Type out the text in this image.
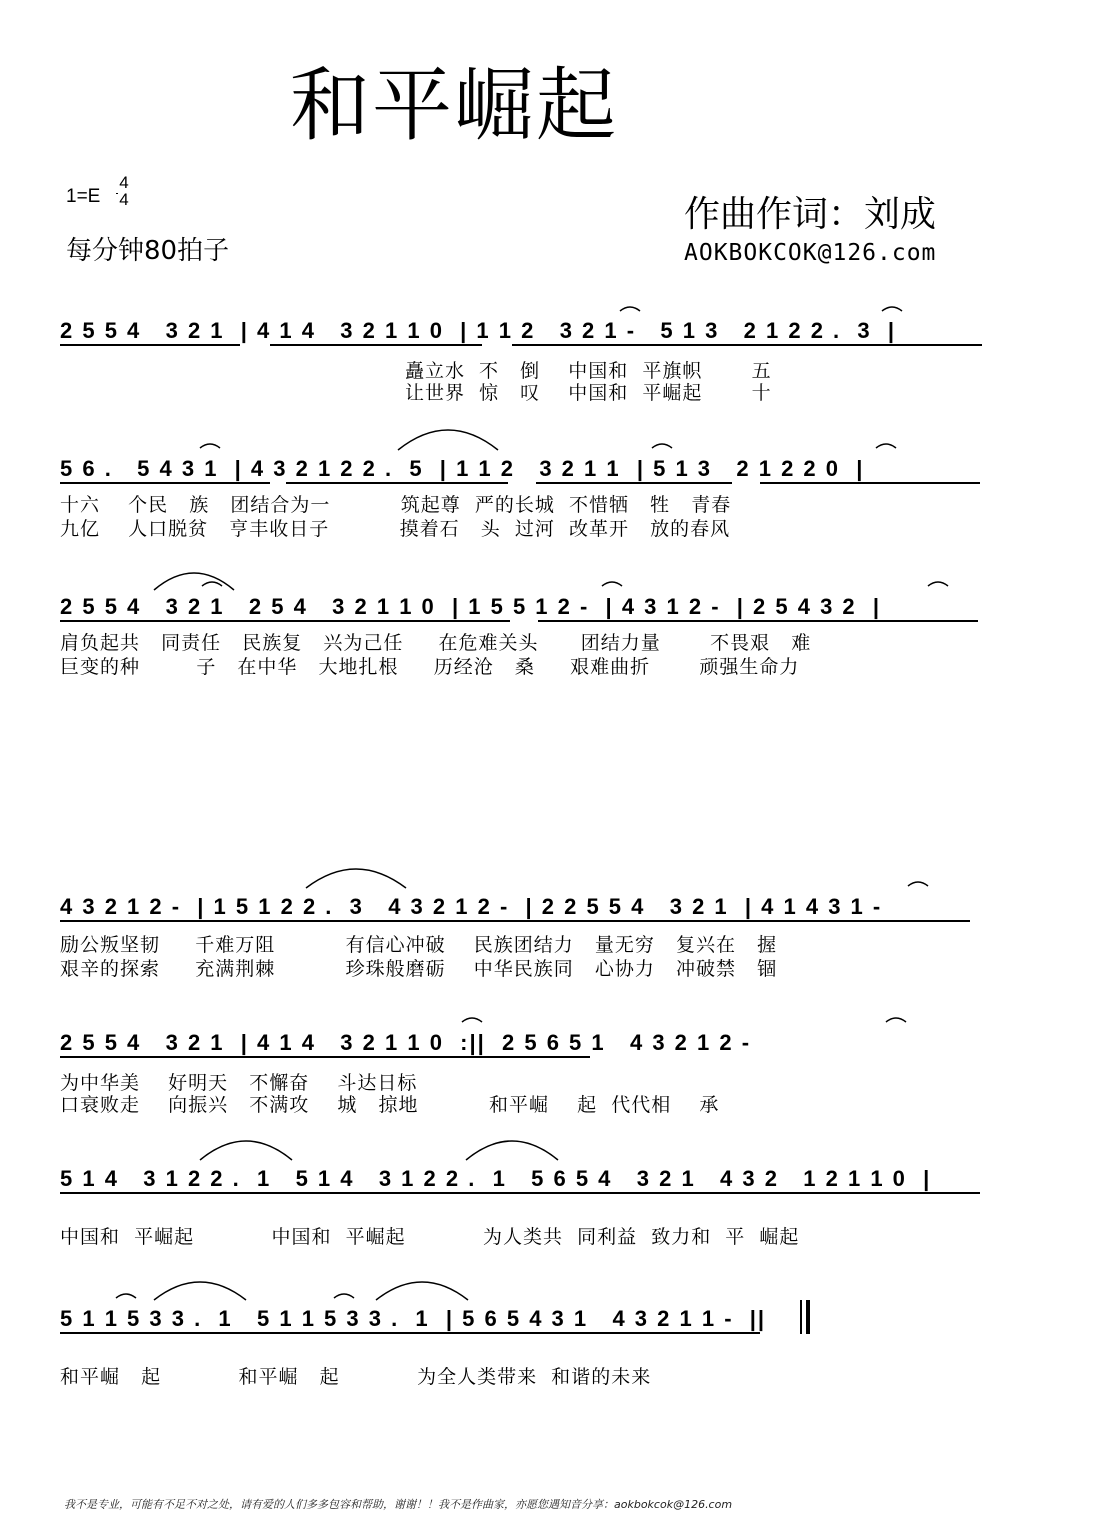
和平崛起
1=E
4
4
每分钟80拍子
作曲作词：刘成
AOKBOKCOK@126.com
2 5 5 4   3 2 1  | 4 1 4   3 2 1 1 0  | 1 1 2   3 2 1 -   5 1 3   2 1 2 2 .  3  |
矗立水  不   倒    中国和  平旗帜       五
让世界  惊   叹    中国和  平崛起       十
5 6 .   5 4 3 1  | 4 3 2 1 2 2 .  5  | 1 1 2   3 2 1 1  | 5 1 3   2 1 2 2 0  |
十六    个民   族   团结合为一          筑起尊  严的长城  不惜牺   牲   青春
九亿    人口脱贫   亨丰收日子          摸着石   头  过河  改革开   放的春风
2 5 5 4   3 2 1   2 5 4   3 2 1 1 0  | 1 5 5 1 2 -  | 4 3 1 2 -  | 2 5 4 3 2  |
肩负起共   同责任   民族复   兴为己任     在危难关头      团结力量       不畏艰   难
巨变的种        子   在中华   大地扎根     历经沧   桑     艰难曲折       顽强生命力
4 3 2 1 2 -  | 1 5 1 2 2 .  3   4 3 2 1 2 -  | 2 2 5 5 4   3 2 1  | 4 1 4 3 1 -
励公叛坚韧     千难万阻          有信心冲破    民族团结力   量无穷   复兴在   握
艰辛的探索     充满荆棘          珍珠般磨砺    中华民族同   心协力   冲破禁   锢
2 5 5 4   3 2 1  | 4 1 4   3 2 1 1 0  :||  2 5 6 5 1   4 3 2 1 2 -
为中华美    好明天   不懈奋    斗达日标
口衰败走    向振兴   不满攻    城   掠地          和平崛    起  代代相    承
5 1 4   3 1 2 2 .  1   5 1 4   3 1 2 2 .  1   5 6 5 4   3 2 1   4 3 2   1 2 1 1 0  |
中国和  平崛起           中国和  平崛起           为人类共  同利益  致力和  平  崛起
5 1 1 5 3 3 .  1   5 1 1 5 3 3 .  1  | 5 6 5 4 3 1   4 3 2 1 1 -  ||
和平崛   起           和平崛   起           为全人类带来  和谐的未来
我不是专业，可能有不足不对之处，请有爱的人们多多包容和帮助，谢谢！！我不是作曲家，亦愿您遇知音分享：aokbokcok@126.com
